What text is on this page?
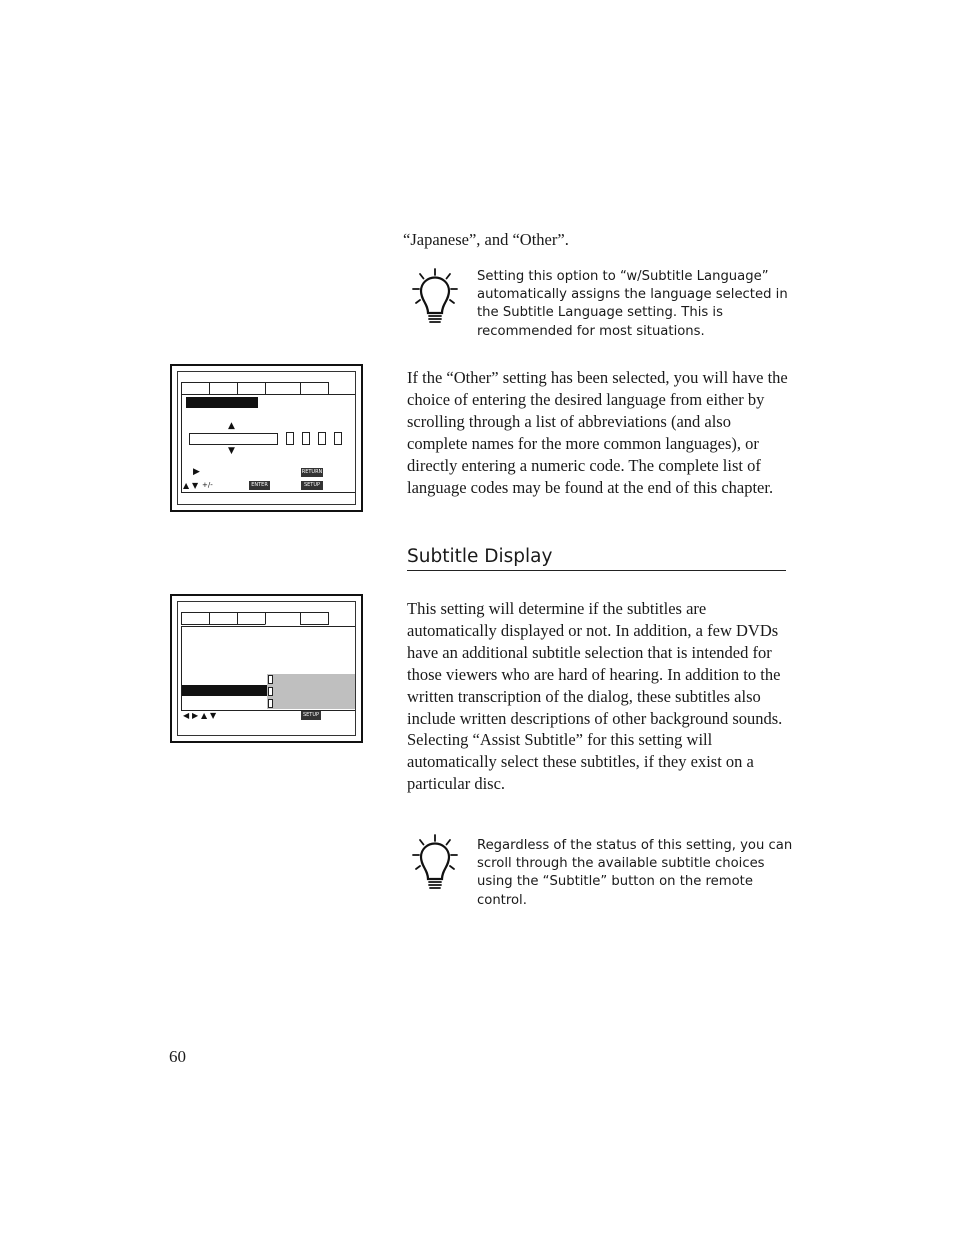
“Japanese”, and “Other”.
Setting this option to “w/Subtitle Language” automatically assigns the language selected in the Subtitle Language setting. This is recommended for most situations.
▲
▼
▶
▲ ▼ +/-	ENTER
RETURN
SETUP
If the “Other” setting has been selected, you will have the choice of entering the desired language from either by scrolling through a list of abbreviations (and also complete names for the more common languages), or directly entering a numeric code. The complete list of language codes may be found at the end of this chapter.
Subtitle Display
◀ ▶ ▲ ▼	SETUP
This setting will determine if the subtitles are automatically displayed or not. In addition, a few DVDs have an additional subtitle selection that is intended for those viewers who are hard of hearing. In addition to the written transcription of the dialog, these subtitles also include written descriptions of other background sounds. Selecting “Assist Subtitle” for this setting will automatically select these subtitles, if they exist on a particular disc.
Regardless of the status of this setting, you can scroll through the available subtitle choices using the “Subtitle” button on the remote control.
60
